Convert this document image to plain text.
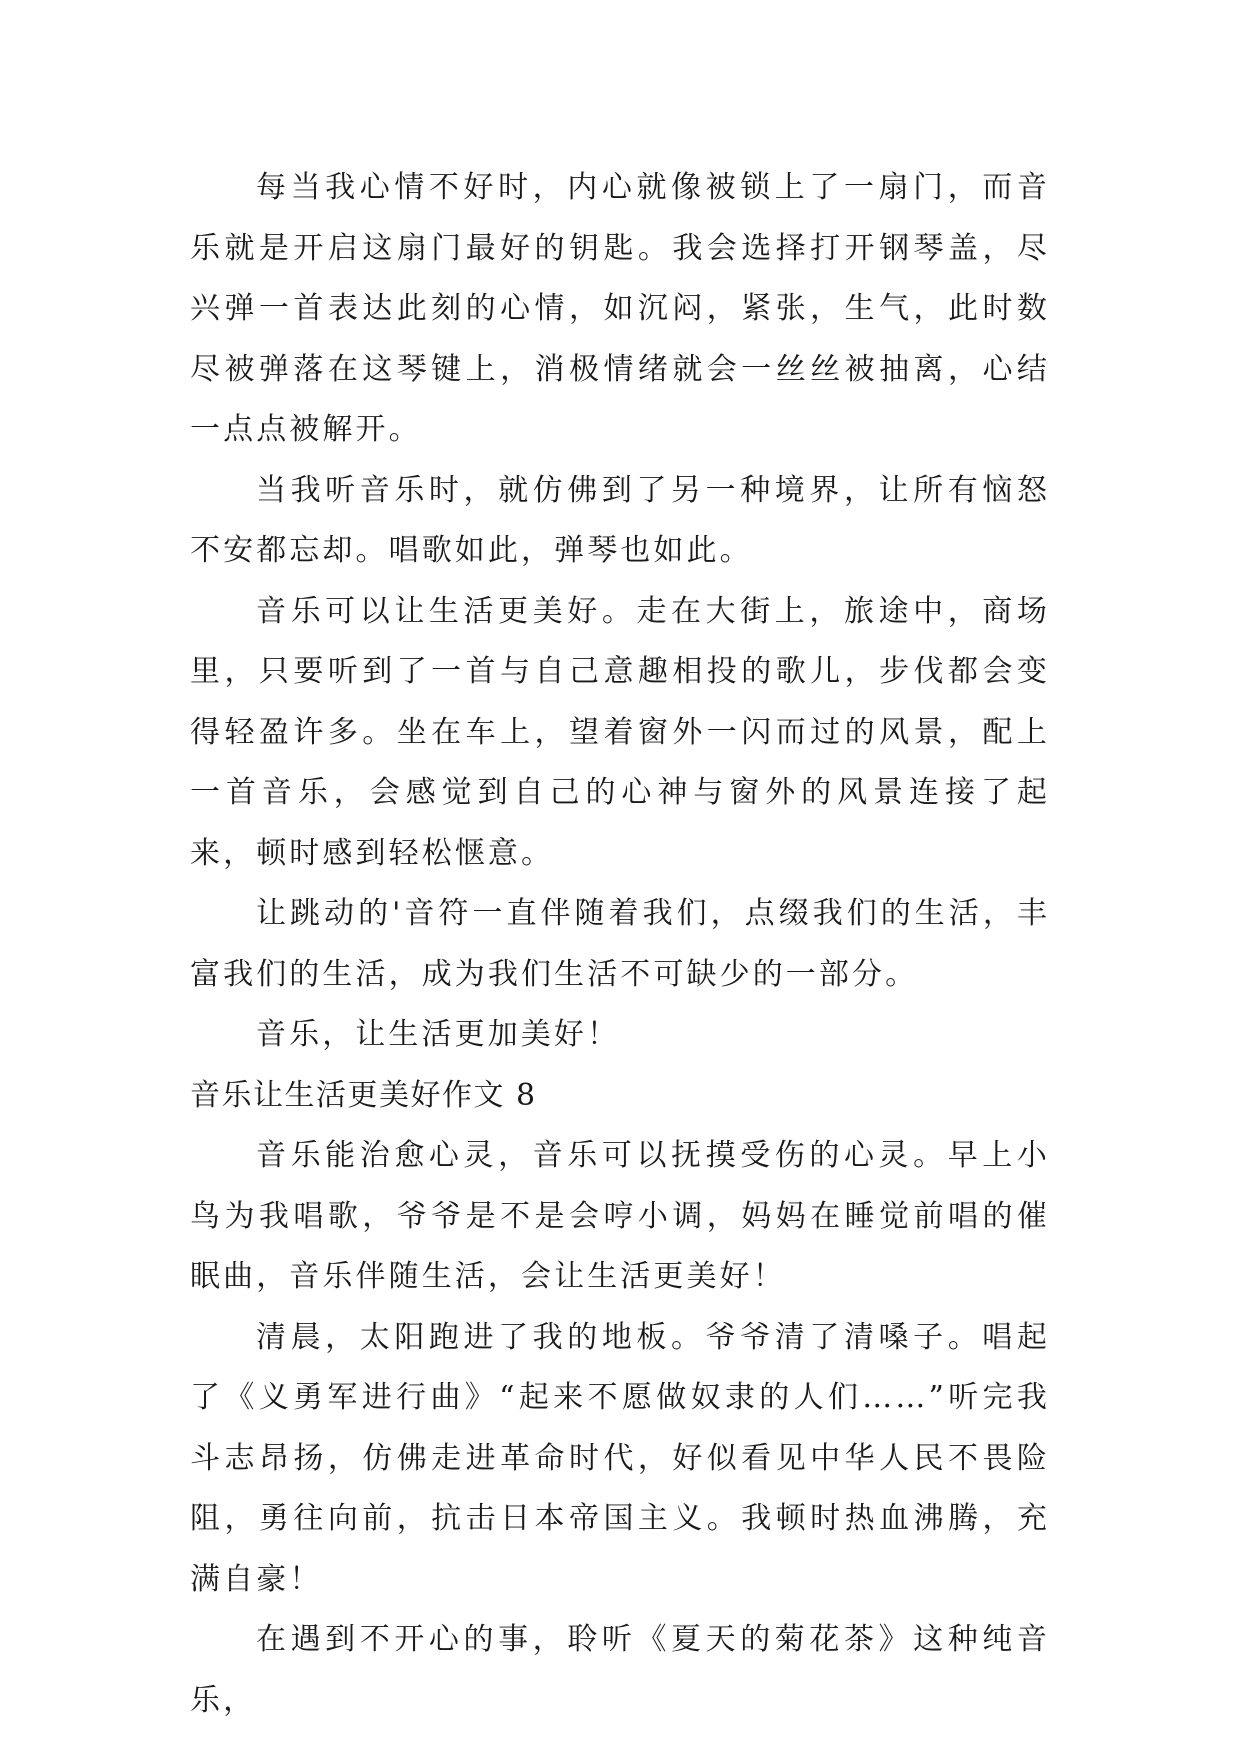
每当我心情不好时，内心就像被锁上了一扇门，而音乐就是开启这扇门最好的钥匙。我会选择打开钢琴盖，尽兴弹一首表达此刻的心情，如沉闷，紧张，生气，此时数尽被弹落在这琴键上，消极情绪就会一丝丝被抽离，心结一点点被解开。

当我听音乐时，就仿佛到了另一种境界，让所有恼怒不安都忘却。唱歌如此，弹琴也如此。

音乐可以让生活更美好。走在大街上，旅途中，商场里，只要听到了一首与自己意趣相投的歌儿，步伐都会变得轻盈许多。坐在车上，望着窗外一闪而过的风景，配上一首音乐，会感觉到自己的心神与窗外的风景连接了起来，顿时感到轻松惬意。

让跳动的'音符一直伴随着我们，点缀我们的生活，丰富我们的生活，成为我们生活不可缺少的一部分。

音乐，让生活更加美好！

音乐让生活更美好作文 8

音乐能治愈心灵，音乐可以抚摸受伤的心灵。早上小鸟为我唱歌，爷爷是不是会哼小调，妈妈在睡觉前唱的催眠曲，音乐伴随生活，会让生活更美好！

清晨，太阳跑进了我的地板。爷爷清了清嗓子。唱起了《义勇军进行曲》“起来不愿做奴隶的人们……”听完我斗志昂扬，仿佛走进革命时代，好似看见中华人民不畏险阻，勇往向前，抗击日本帝国主义。我顿时热血沸腾，充满自豪！

在遇到不开心的事，聆听《夏天的菊花茶》这种纯音乐，
